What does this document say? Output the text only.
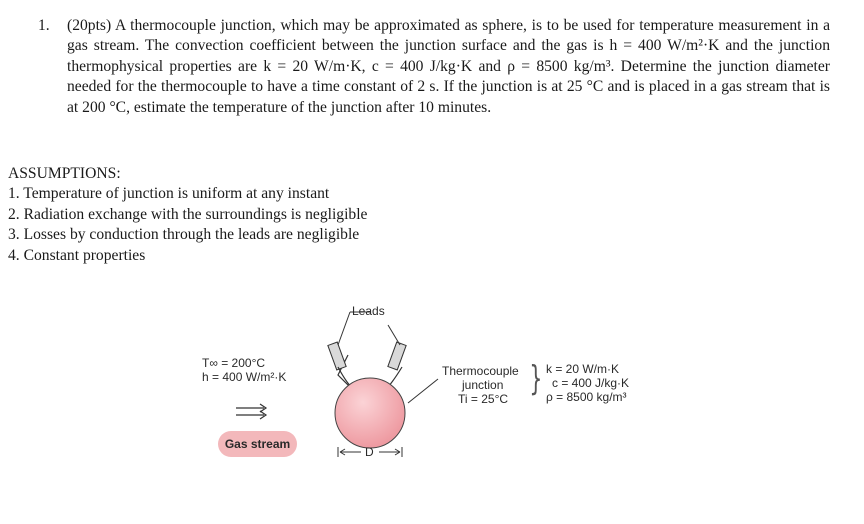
1. (20pts) A thermocouple junction, which may be approximated as sphere, is to be used for temperature measurement in a gas stream. The convection coefficient between the junction surface and the gas is h = 400 W/m²·K and the junction thermophysical properties are k = 20 W/m·K, c = 400 J/kg·K and ρ = 8500 kg/m³. Determine the junction diameter needed for the thermocouple to have a time constant of 2 s. If the junction is at 25 °C and is placed in a gas stream that is at 200 °C, estimate the temperature of the junction after 10 minutes.
ASSUMPTIONS:
1. Temperature of junction is uniform at any instant
2. Radiation exchange with the surroundings is negligible
3. Losses by conduction through the leads are negligible
4. Constant properties
Leads
T∞ = 200°C
h = 400 W/m²·K
Gas stream
D
Thermocouple
junction
Ti = 25°C } k = 20 W/m·K
c = 400 J/kg·K
ρ = 8500 kg/m³
